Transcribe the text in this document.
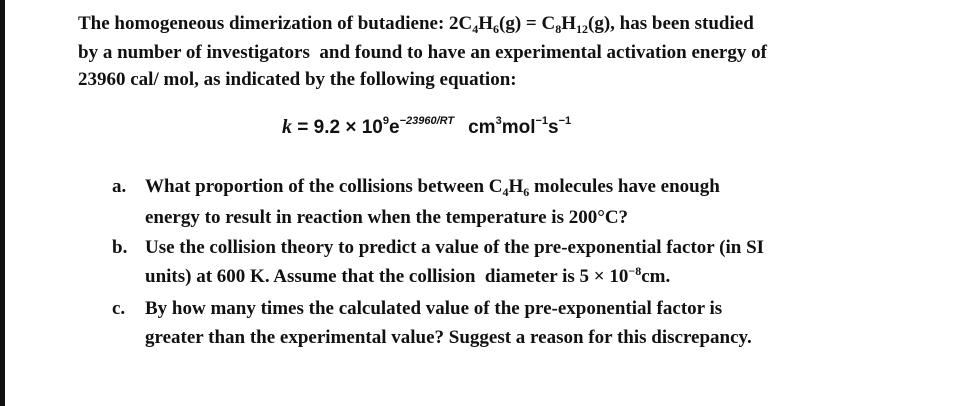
The homogeneous dimerization of butadiene: $2C_4H_6(g) = C_8H_{12}(g)$, has been studied
by a number of investigators  and found to have an experimental activation energy of
23960 cal/ mol, as indicated by the following equation:
$k = 9.2 \times 10^9e^{-23960/RT}$ $cm^3mol^{-1}s^{-1}$
a. What proportion of the collisions between $C_4H_6$ molecules have enough
energy to result in reaction when the temperature is 200°C?
b. Use the collision theory to predict a value of the pre-exponential factor (in SI
units) at 600 K. Assume that the collision  diameter is $5 \times 10^{-8}cm$.
c. By how many times the calculated value of the pre-exponential factor is
greater than the experimental value? Suggest a reason for this discrepancy.
